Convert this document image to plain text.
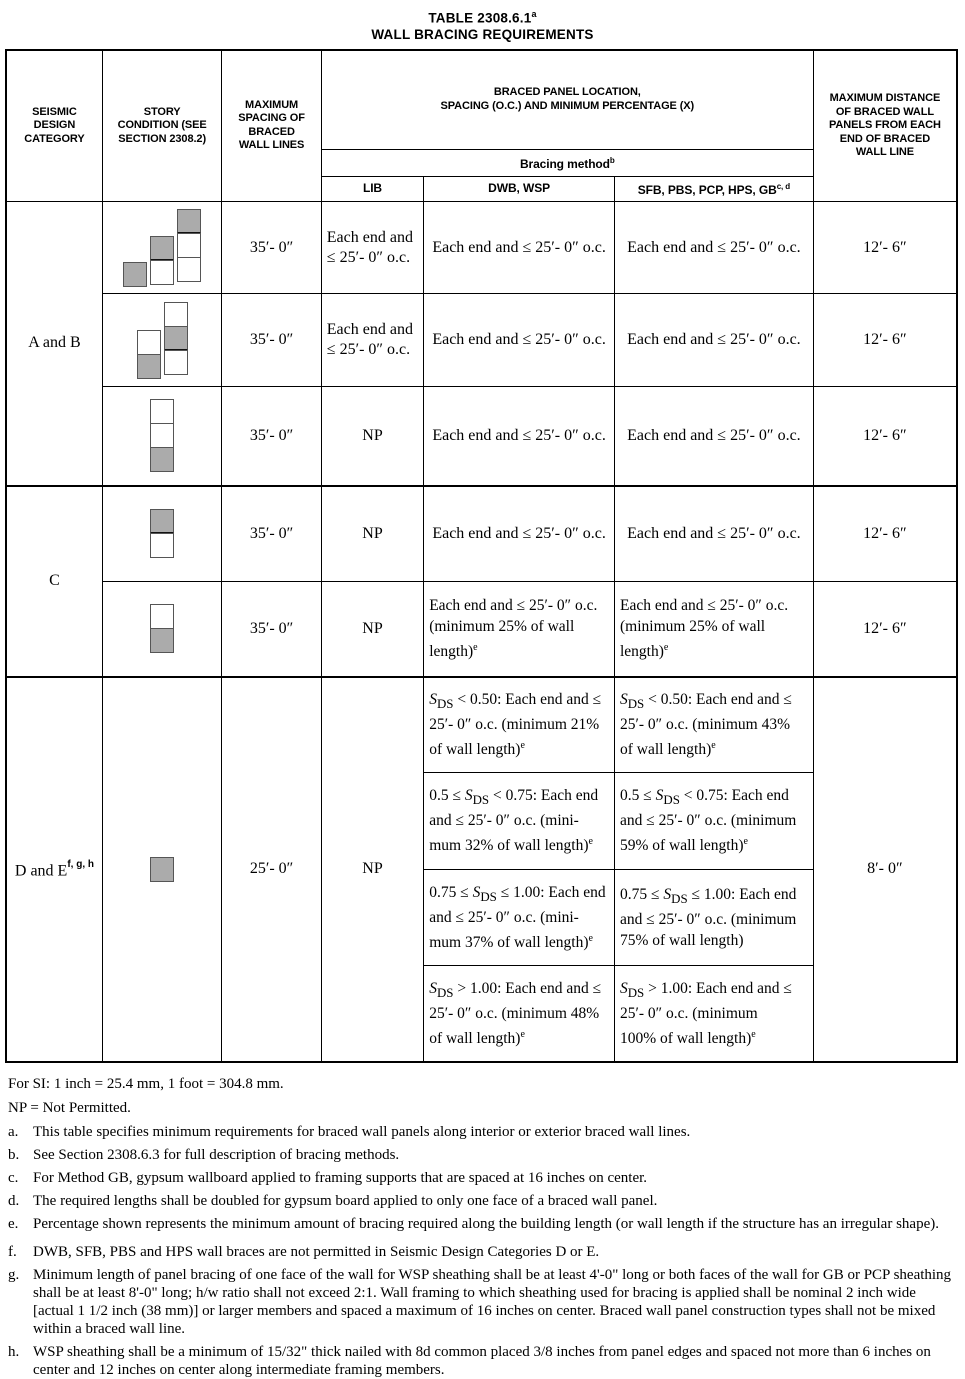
TABLE 2308.6.1$^a$
WALL BRACING REQUIREMENTS
SEISMIC
DESIGN
CATEGORY	STORY
CONDITION (SEE
SECTION 2308.2)	MAXIMUM
SPACING OF
BRACED
WALL LINES	BRACED PANEL LOCATION,
SPACING (O.C.) AND MINIMUM PERCENTAGE (X)			MAXIMUM DISTANCE
OF BRACED WALL
PANELS FROM EACH
END OF BRACED
WALL LINE
			Bracing method$^b$
			LIB	DWB, WSP	SFB, PBS, PCP, HPS, GB$^{c, d}$
A and B		35′- 0″	Each end and
≤ 25′- 0″ o.c.	Each end and ≤ 25′- 0″ o.c.	Each end and ≤ 25′- 0″ o.c.	12′- 6″

		35′- 0″	Each end and
≤ 25′- 0″ o.c.	Each end and ≤ 25′- 0″ o.c.	Each end and ≤ 25′- 0″ o.c.	12′- 6″

		35′- 0″	NP	Each end and ≤ 25′- 0″ o.c.	Each end and ≤ 25′- 0″ o.c.	12′- 6″
C		35′- 0″	NP	Each end and ≤ 25′- 0″ o.c.	Each end and ≤ 25′- 0″ o.c.	12′- 6″

		35′- 0″	NP	Each end and ≤ 25′- 0″ o.c.
(minimum 25% of wall
length)$^e$	Each end and ≤ 25′- 0″ o.c.
(minimum 25% of wall
length)$^e$	12′- 6″
D and E$^{f, g, h}$		25′- 0″	NP	$S_{DS} < 0.50$: Each end and ≤
25′- 0″ o.c. (minimum 21%
of wall length)$^e$	$S_{DS} < 0.50$: Each end and ≤
25′- 0″ o.c. (minimum 43%
of wall length)$^e$	8′- 0″
				$0.5 \le S_{DS} < 0.75$: Each end
and ≤ 25′- 0″ o.c. (mini-
mum 32% of wall length)$^e$	$0.5 \le S_{DS} < 0.75$: Each end
and ≤ 25′- 0″ o.c. (minimum
59% of wall length)$^e$
				$0.75 \le S_{DS} \le 1.00$: Each end
and ≤ 25′- 0″ o.c. (mini-
mum 37% of wall length)$^e$	$0.75 \le S_{DS} \le 1.00$: Each end
and ≤ 25′- 0″ o.c. (minimum
75% of wall length)	
				$S_{DS} > 1.00$: Each end and ≤
25′- 0″ o.c. (minimum 48%
of wall length)$^e$	$S_{DS} > 1.00$: Each end and ≤
25′- 0″ o.c. (minimum
100% of wall length)$^e$
For SI: 1 inch = 25.4 mm, 1 foot = 304.8 mm.
NP = Not Permitted.
a. This table specifies minimum requirements for braced wall panels along interior or exterior braced wall lines.
b. See Section 2308.6.3 for full description of bracing methods.
c. For Method GB, gypsum wallboard applied to framing supports that are spaced at 16 inches on center.
d. The required lengths shall be doubled for gypsum board applied to only one face of a braced wall panel.
e. Percentage shown represents the minimum amount of bracing required along the building length (or wall length if the structure has an irregular shape).
f.	DWB, SFB, PBS and HPS wall braces are not permitted in Seismic Design Categories D or E.
g. Minimum length of panel bracing of one face of the wall for WSP sheathing shall be at least 4'-0" long or both faces of the wall for GB or PCP sheathing shall be at least 8'-0" long; h/w ratio shall not exceed 2:1. Wall framing to which sheathing used for bracing is applied shall be nominal 2 inch wide [actual 1 1/2 inch (38 mm)] or larger members and spaced a maximum of 16 inches on center. Braced wall panel construction types shall not be mixed within a braced wall line.
h. WSP sheathing shall be a minimum of 15/32" thick nailed with 8d common placed 3/8 inches from panel edges and spaced not more than 6 inches on center and 12 inches on center along intermediate framing members.
